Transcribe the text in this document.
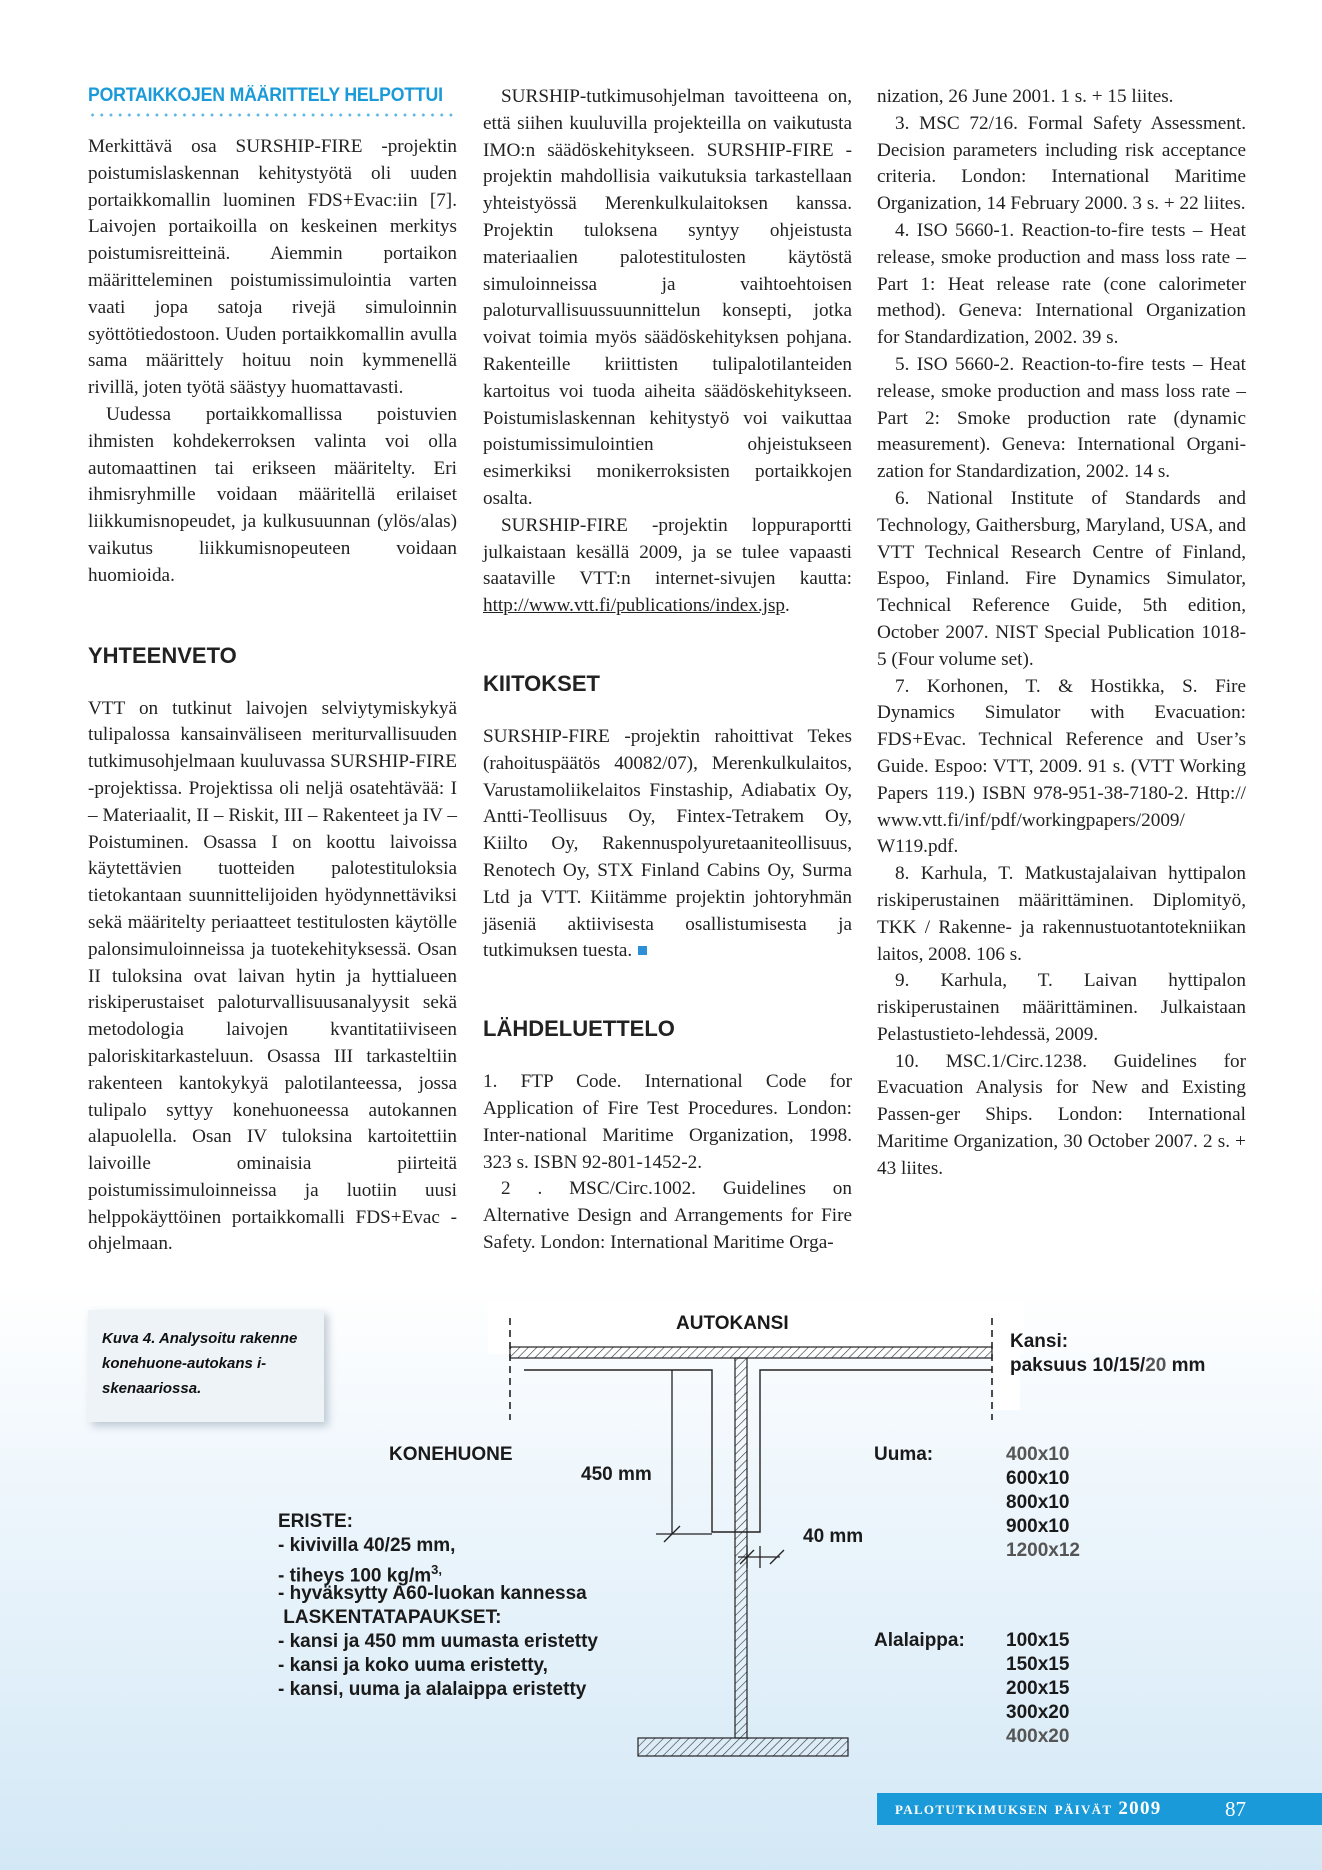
PORTAIKKOJEN MÄÄRITTELY HELPOTTUI

Merkittävä osa SURSHIP-FIRE -projektin poistumislaskennan kehitystyötä oli uuden portaikkomallin luominen FDS+Evac:iin [7]. Laivojen portaikoilla on keskeinen merkitys poistumisreitteinä. Aiemmin portaikon määritteleminen poistumissimulointia varten vaati jopa satoja rivejä simuloinnin syöttötiedostoon. Uuden portaikkomallin avulla sama määrittely hoituu noin kymmenellä rivillä, joten työtä säästyy huomattavasti.

Uudessa portaikkomallissa poistuvien ihmisten kohdekerroksen valinta voi olla automaattinen tai erikseen määritelty. Eri ihmisryhmille voidaan määritellä erilaiset liikkumisnopeudet, ja kulkusuunnan (ylös/alas) vaikutus liikkumisnopeuteen voidaan huomioida.

YHTEENVETO

VTT on tutkinut laivojen selviytymiskykyä tulipalossa kansainväliseen meriturvallisuuden tutkimusohjelmaan kuuluvassa SURSHIP-FIRE -projektissa. Projektissa oli neljä osatehtävää: I – Materiaalit, II – Riskit, III – Rakenteet ja IV – Poistuminen. Osassa I on koottu laivoissa käytettävien tuotteiden palotestituloksia tietokantaan suunnittelijoiden hyödynnettäviksi sekä määritelty periaatteet testitulosten käytölle palonsimuloinneissa ja tuotekehityksessä. Osan II tuloksina ovat laivan hytin ja hyttialueen riskiperustaiset paloturvallisuusanalyysit sekä metodologia laivojen kvantitatiiviseen paloriskitarkasteluun. Osassa III tarkasteltiin rakenteen kantokykyä palotilanteessa, jossa tulipalo syttyy konehuoneessa autokannen alapuolella. Osan IV tuloksina kartoitettiin laivoille ominaisia piirteitä poistumissimuloinneissa ja luotiin uusi helppokäyttöinen portaikkomalli FDS+Evac -ohjelmaan.

SURSHIP-tutkimusohjelman tavoitteena on, että siihen kuuluvilla projekteilla on vaikutusta IMO:n säädöskehitykseen. SURSHIP-FIRE -projektin mahdollisia vaikutuksia tarkastellaan yhteistyössä Merenkulkulaitoksen kanssa. Projektin tuloksena syntyy ohjeistusta materiaalien palotestitulosten käytöstä simuloinneissa ja vaihtoehtoisen paloturvallisuussuunnittelun konsepti, jotka voivat toimia myös säädöskehityksen pohjana. Rakenteille kriittisten tulipalotilanteiden kartoitus voi tuoda aiheita säädöskehitykseen. Poistumislaskennan kehitystyö voi vaikuttaa poistumissimulointien ohjeistukseen esimerkiksi monikerroksisten portaikkojen osalta.

SURSHIP-FIRE -projektin loppuraportti julkaistaan kesällä 2009, ja se tulee vapaasti saataville VTT:n internet-sivujen kautta: http://www.vtt.fi/publications/index.jsp.

KIITOKSET

SURSHIP-FIRE -projektin rahoittivat Tekes (rahoituspäätös 40082/07), Merenkulkulaitos, Varustamoliikelaitos Finstaship, Adiabatix Oy, Antti-Teollisuus Oy, Fintex-Tetrakem Oy, Kiilto Oy, Rakennuspolyuretaaniteollisuus, Renotech Oy, STX Finland Cabins Oy, Surma Ltd ja VTT. Kiitämme projektin johtoryhmän jäseniä aktiivisesta osallistumisesta ja tutkimuksen tuesta.

LÄHDELUETTELO

1. FTP Code. International Code for Application of Fire Test Procedures. London: Inter-national Maritime Organization, 1998. 323 s. ISBN 92-801-1452-2.

2 . MSC/Circ.1002. Guidelines on Alternative Design and Arrangements for Fire Safety. London: International Maritime Orga-

nization, 26 June 2001. 1 s. + 15 liites.

3. MSC 72/16. Formal Safety Assessment. Decision parameters including risk acceptance criteria. London: International Maritime Organization, 14 February 2000. 3 s. + 22 liites.

4. ISO 5660-1. Reaction-to-fire tests – Heat release, smoke production and mass loss rate – Part 1: Heat release rate (cone calorimeter method). Geneva: International Organization for Standardization, 2002. 39 s.

5. ISO 5660-2. Reaction-to-fire tests – Heat release, smoke production and mass loss rate – Part 2: Smoke production rate (dynamic measurement). Geneva: International Organi-zation for Standardization, 2002. 14 s.

6. National Institute of Standards and Technology, Gaithersburg, Maryland, USA, and VTT Technical Research Centre of Finland, Espoo, Finland. Fire Dynamics Simulator, Technical Reference Guide, 5th edition, October 2007. NIST Special Publication 1018-5 (Four volume set).

7. Korhonen, T. & Hostikka, S. Fire Dynamics Simulator with Evacuation: FDS+Evac. Technical Reference and User’s Guide. Espoo: VTT, 2009. 91 s. (VTT Working Papers 119.) ISBN 978-951-38-7180-2. Http:// www.vtt.fi/inf/pdf/workingpapers/2009/ W119.pdf.

8. Karhula, T. Matkustajalaivan hyttipalon riskiperustainen määrittäminen. Diplomityö, TKK / Rakenne- ja rakennustuotantotekniikan laitos, 2008. 106 s.

9. Karhula, T. Laivan hyttipalon riskiperustainen määrittäminen. Julkaistaan Pelastustieto-lehdessä, 2009.

10. MSC.1/Circ.1238. Guidelines for Evacuation Analysis for New and Existing Passen-ger Ships. London: International Maritime Organization, 30 October 2007. 2 s. + 43 liites.

Kuva 4. Analysoitu rakenne konehuone-autokans i-skenaariossa.
AUTOKANSI
Kansi:
paksuus 10/15/20 mm
KONEHUONE
450 mm
40 mm
ERISTE:
- kivivilla 40/25 mm,
- tiheys 100 $kg/m^{3,}$
- hyväksytty A60-luokan kannessa
LASKENTATAPAUKSET:
- kansi ja 450 mm uumasta eristetty
- kansi ja koko uuma eristetty,
- kansi, uuma ja alalaippa eristetty
Uuma:	400x10
600x10
800x10
900x10
1200x12
Alalaippa: 100x15
150x15
200x15
300x20
400x20
palotutkimuksen päivät 2009	87
